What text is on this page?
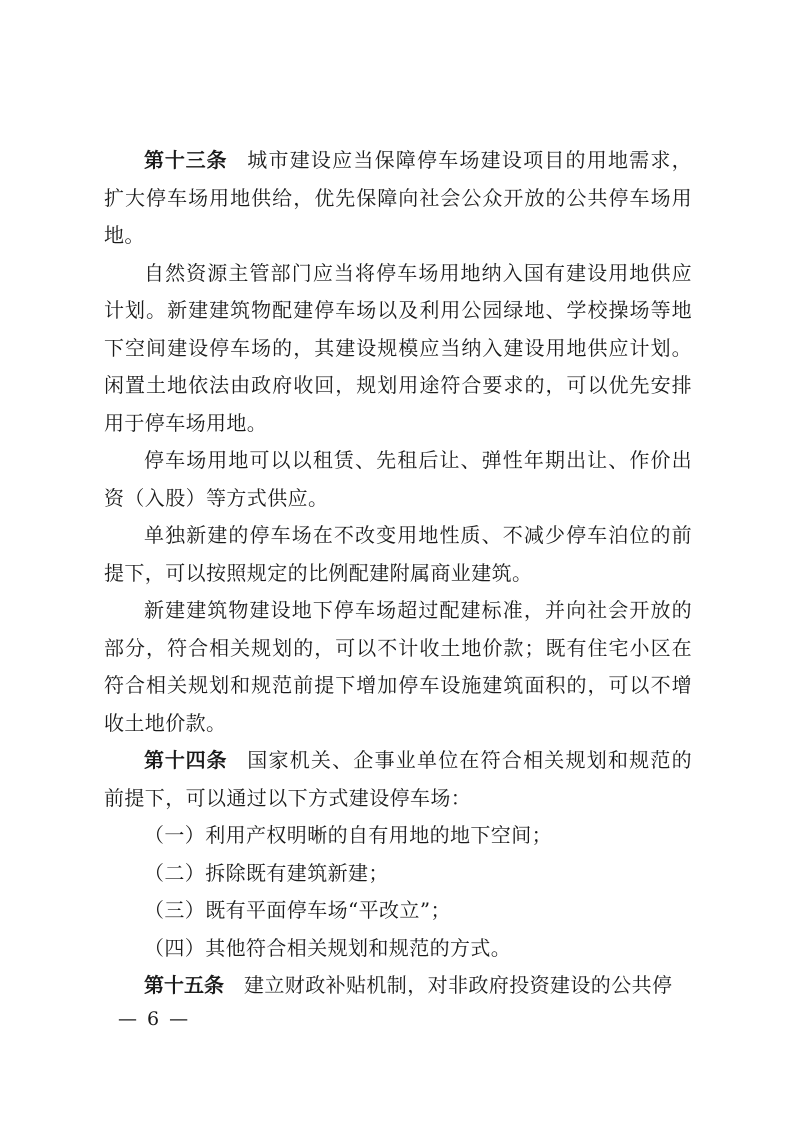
第十三条 城市建设应当保障停车场建设项目的用地需求，扩大停车场用地供给，优先保障向社会公众开放的公共停车场用地。

自然资源主管部门应当将停车场用地纳入国有建设用地供应计划。新建建筑物配建停车场以及利用公园绿地、学校操场等地下空间建设停车场的，其建设规模应当纳入建设用地供应计划。闲置土地依法由政府收回，规划用途符合要求的，可以优先安排用于停车场用地。

停车场用地可以以租赁、先租后让、弹性年期出让、作价出资（入股）等方式供应。

单独新建的停车场在不改变用地性质、不减少停车泊位的前提下，可以按照规定的比例配建附属商业建筑。

新建建筑物建设地下停车场超过配建标准，并向社会开放的部分，符合相关规划的，可以不计收土地价款；既有住宅小区在符合相关规划和规范前提下增加停车设施建筑面积的，可以不增收土地价款。

第十四条 国家机关、企事业单位在符合相关规划和规范的前提下，可以通过以下方式建设停车场：

（一）利用产权明晰的自有用地的地下空间；

（二）拆除既有建筑新建；

（三）既有平面停车场“平改立”；

（四）其他符合相关规划和规范的方式。

第十五条 建立财政补贴机制，对非政府投资建设的公共停

— 6 —
